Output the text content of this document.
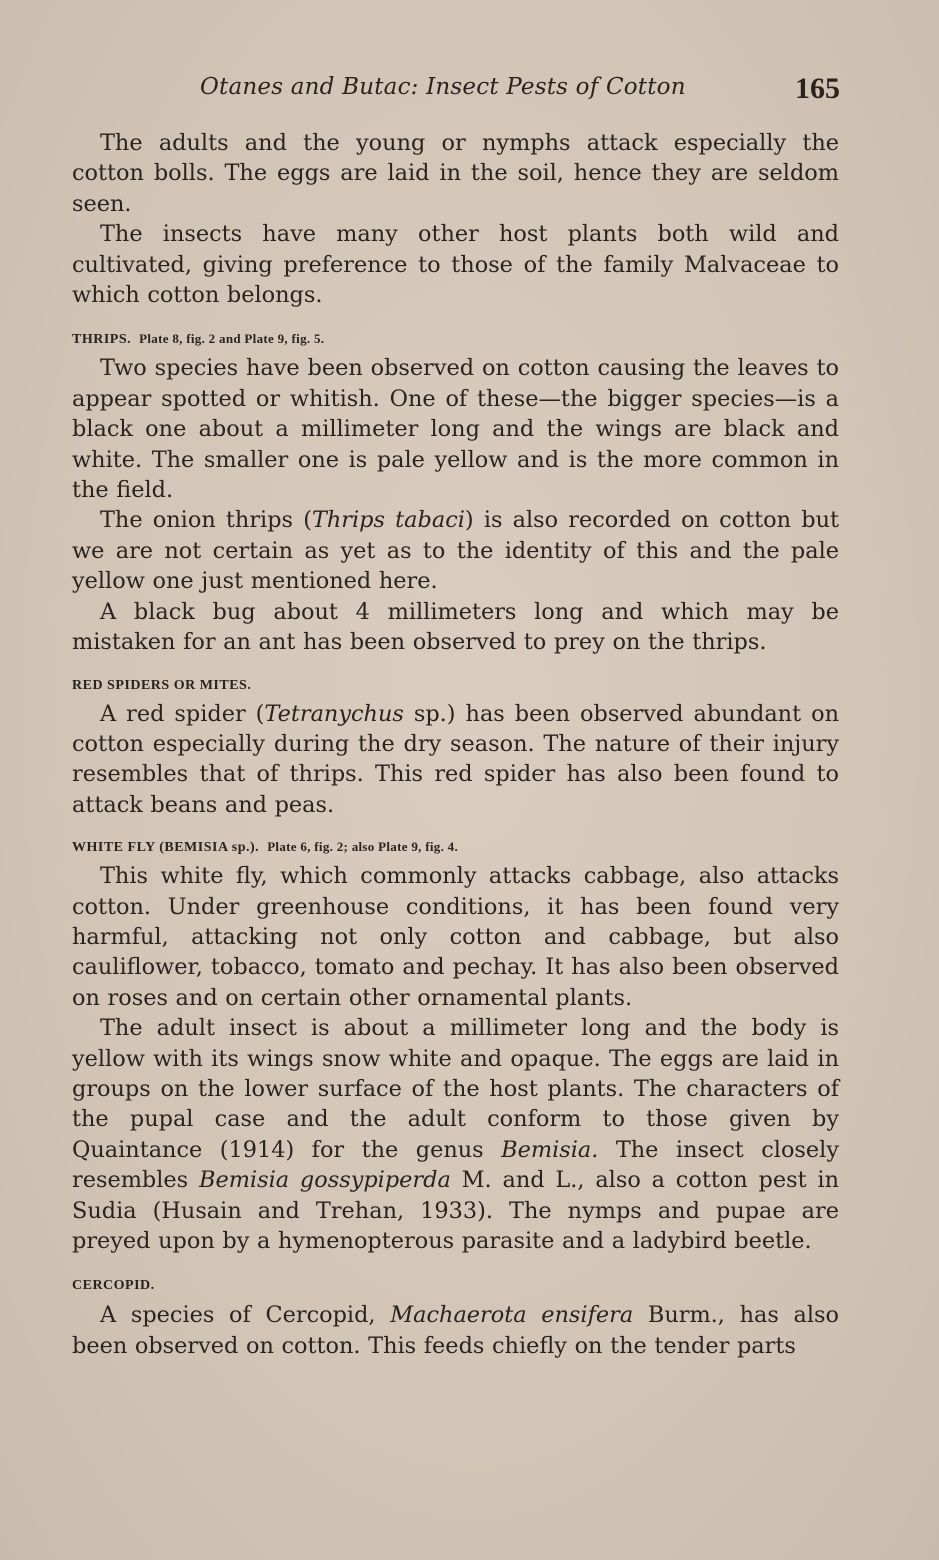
Otanes and Butac: Insect Pests of Cotton	165

The adults and the young or nymphs attack especially the cotton bolls. The eggs are laid in the soil, hence they are seldom seen.

The insects have many other host plants both wild and cultivated, giving preference to those of the family Malvaceae to which cotton belongs.

THRIPS. Plate 8, fig. 2 and Plate 9, fig. 5.

Two species have been observed on cotton causing the leaves to appear spotted or whitish. One of these—the bigger species—is a black one about a millimeter long and the wings are black and white. The smaller one is pale yellow and is the more common in the field.

The onion thrips (Thrips tabaci) is also recorded on cotton but we are not certain as yet as to the identity of this and the pale yellow one just mentioned here.

A black bug about 4 millimeters long and which may be mistaken for an ant has been observed to prey on the thrips.

RED SPIDERS OR MITES.

A red spider (Tetranychus sp.) has been observed abundant on cotton especially during the dry season. The nature of their injury resembles that of thrips. This red spider has also been found to attack beans and peas.

WHITE FLY (BEMISIA sp.). Plate 6, fig. 2; also Plate 9, fig. 4.

This white fly, which commonly attacks cabbage, also attacks cotton. Under greenhouse conditions, it has been found very harmful, attacking not only cotton and cabbage, but also cauliflower, tobacco, tomato and pechay. It has also been observed on roses and on certain other ornamental plants.

The adult insect is about a millimeter long and the body is yellow with its wings snow white and opaque. The eggs are laid in groups on the lower surface of the host plants. The characters of the pupal case and the adult conform to those given by Quaintance (1914) for the genus Bemisia. The insect closely resembles Bemisia gossypiperda M. and L., also a cotton pest in Sudia (Husain and Trehan, 1933). The nymps and pupae are preyed upon by a hymenopterous parasite and a ladybird beetle.

CERCOPID.

A species of Cercopid, Machaerota ensifera Burm., has also been observed on cotton. This feeds chiefly on the tender parts
